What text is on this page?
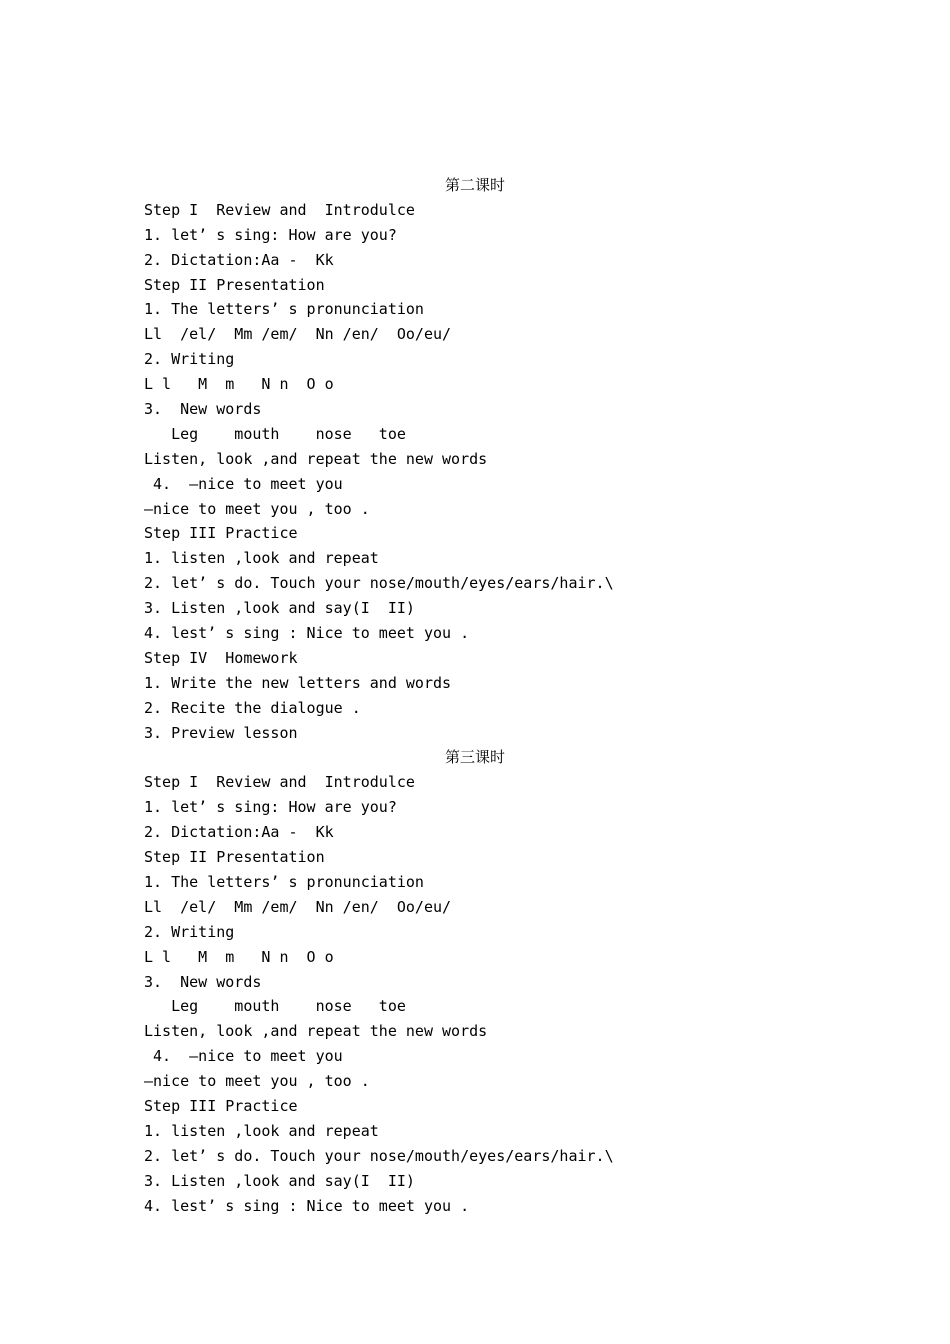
第二课时
Step I  Review and  Introdulce
1. let’ s sing: How are you?
2. Dictation:Aa -  Kk
Step II Presentation
1. The letters’ s pronunciation
Ll  /el/  Mm /em/  Nn /en/  Oo/eu/
2. Writing
L l   M  m   N n  O o
3.  New words
Leg    mouth    nose   toe
Listen, look ,and repeat the new words
4.  —nice to meet you
—nice to meet you , too .
Step III Practice
1. listen ,look and repeat
2. let’ s do. Touch your nose/mouth/eyes/ears/hair.\
3. Listen ,look and say(I  II)
4. lest’ s sing : Nice to meet you .
Step IV  Homework
1. Write the new letters and words
2. Recite the dialogue .
3. Preview lesson
第三课时
Step I  Review and  Introdulce
1. let’ s sing: How are you?
2. Dictation:Aa -  Kk
Step II Presentation
1. The letters’ s pronunciation
Ll  /el/  Mm /em/  Nn /en/  Oo/eu/
2. Writing
L l   M  m   N n  O o
3.  New words
Leg    mouth    nose   toe
Listen, look ,and repeat the new words
4.  —nice to meet you
—nice to meet you , too .
Step III Practice
1. listen ,look and repeat
2. let’ s do. Touch your nose/mouth/eyes/ears/hair.\
3. Listen ,look and say(I  II)
4. lest’ s sing : Nice to meet you .
